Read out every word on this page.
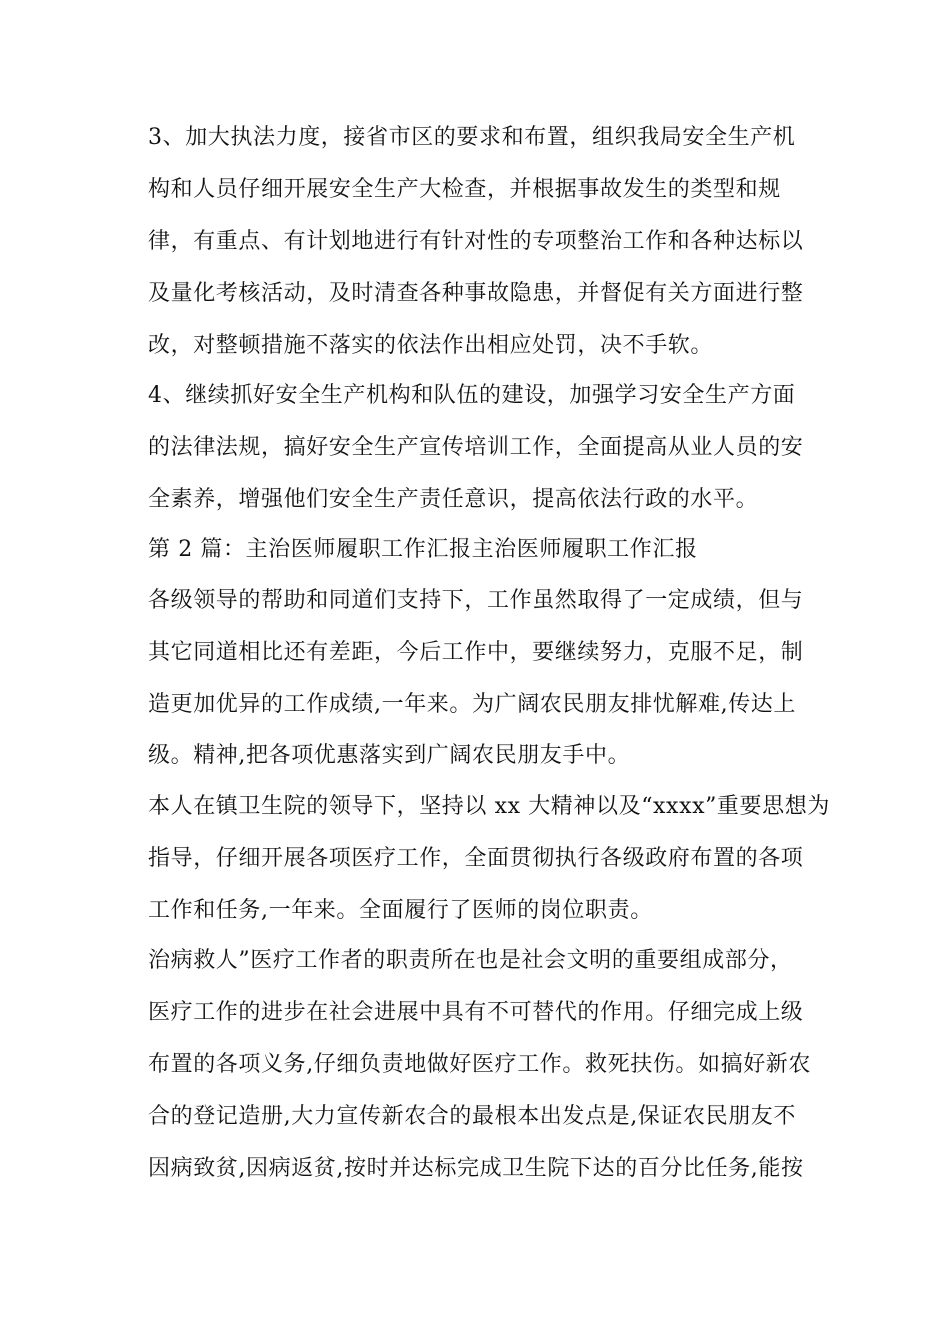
3、加大执法力度，接省市区的要求和布置，组织我局安全生产机
构和人员仔细开展安全生产大检查，并根据事故发生的类型和规
律，有重点、有计划地进行有针对性的专项整治工作和各种达标以
及量化考核活动，及时清查各种事故隐患，并督促有关方面进行整
改，对整顿措施不落实的依法作出相应处罚，决不手软。
4、继续抓好安全生产机构和队伍的建设，加强学习安全生产方面
的法律法规，搞好安全生产宣传培训工作，全面提高从业人员的安
全素养，增强他们安全生产责任意识，提高依法行政的水平。
第 2 篇：主治医师履职工作汇报主治医师履职工作汇报
各级领导的帮助和同道们支持下，工作虽然取得了一定成绩，但与
其它同道相比还有差距，今后工作中，要继续努力，克服不足，制
造更加优异的工作成绩,一年来。为广阔农民朋友排忧解难,传达上
级。精神,把各项优惠落实到广阔农民朋友手中。
本人在镇卫生院的领导下，坚持以 xx 大精神以及“xxxx”重要思想为
指导，仔细开展各项医疗工作，全面贯彻执行各级政府布置的各项
工作和任务,一年来。全面履行了医师的岗位职责。
治病救人”医疗工作者的职责所在也是社会文明的重要组成部分，
医疗工作的进步在社会进展中具有不可替代的作用。仔细完成上级
布置的各项义务,仔细负责地做好医疗工作。救死扶伤。如搞好新农
合的登记造册,大力宣传新农合的最根本出发点是,保证农民朋友不
因病致贫,因病返贫,按时并达标完成卫生院下达的百分比任务,能按
